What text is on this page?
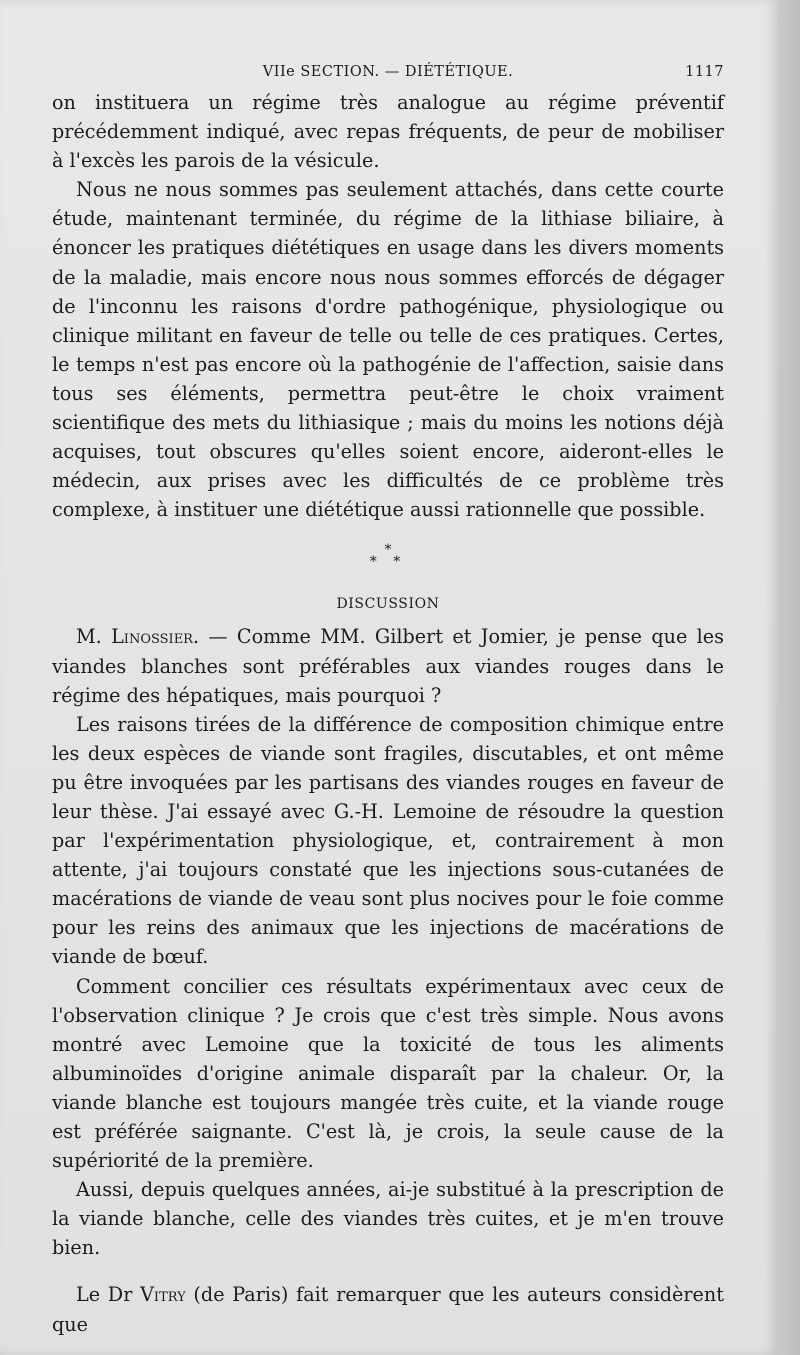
VIIe SECTION. — DIÉTÉTIQUE.	1117

on instituera un régime très analogue au régime préventif précédemment indiqué, avec repas fréquents, de peur de mobiliser à l'excès les parois de la vésicule.

Nous ne nous sommes pas seulement attachés, dans cette courte étude, maintenant terminée, du régime de la lithiase biliaire, à énoncer les pratiques diététiques en usage dans les divers moments de la maladie, mais encore nous nous sommes efforcés de dégager de l'inconnu les raisons d'ordre pathogénique, physiologique ou clinique militant en faveur de telle ou telle de ces pratiques. Certes, le temps n'est pas encore où la pathogénie de l'affection, saisie dans tous ses éléments, permettra peut-être le choix vraiment scientifique des mets du lithiasique ; mais du moins les notions déjà acquises, tout obscures qu'elles soient encore, aideront-elles le médecin, aux prises avec les difficultés de ce problème très complexe, à instituer une diététique aussi rationnelle que possible.

*
* *
DISCUSSION

M. Linossier. — Comme MM. Gilbert et Jomier, je pense que les viandes blanches sont préférables aux viandes rouges dans le régime des hépatiques, mais pourquoi ?

Les raisons tirées de la différence de composition chimique entre les deux espèces de viande sont fragiles, discutables, et ont même pu être invoquées par les partisans des viandes rouges en faveur de leur thèse. J'ai essayé avec G.-H. Lemoine de résoudre la question par l'expérimentation physiologique, et, contrairement à mon attente, j'ai toujours constaté que les injections sous-cutanées de macérations de viande de veau sont plus nocives pour le foie comme pour les reins des animaux que les injections de macérations de viande de bœuf.

Comment concilier ces résultats expérimentaux avec ceux de l'observation clinique ? Je crois que c'est très simple. Nous avons montré avec Lemoine que la toxicité de tous les aliments albuminoïdes d'origine animale disparaît par la chaleur. Or, la viande blanche est toujours mangée très cuite, et la viande rouge est préférée saignante. C'est là, je crois, la seule cause de la supériorité de la première.

Aussi, depuis quelques années, ai-je substitué à la prescription de la viande blanche, celle des viandes très cuites, et je m'en trouve bien.

Le Dr Vitry (de Paris) fait remarquer que les auteurs considèrent que
